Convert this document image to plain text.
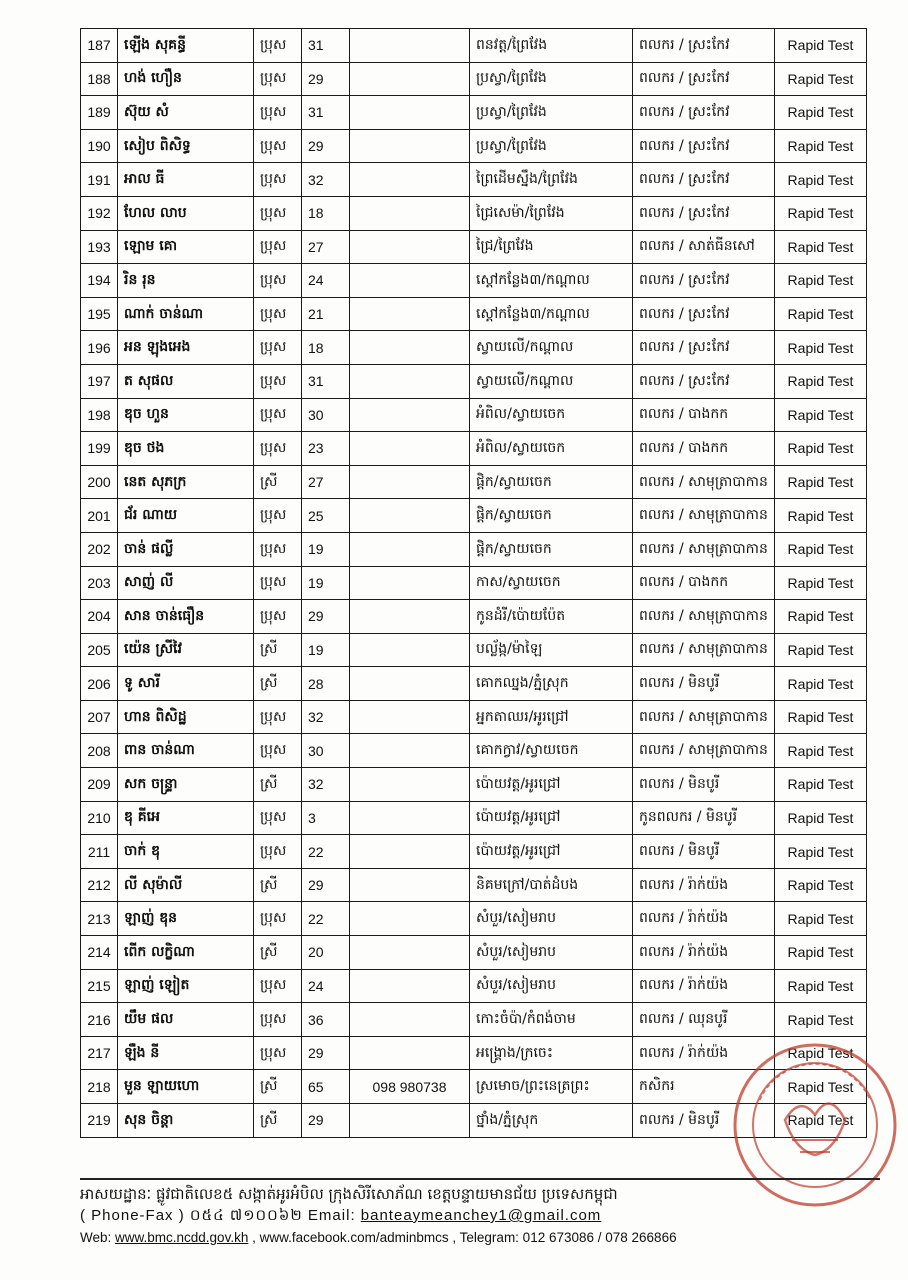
187	ឡើង សុគន្ធី	ប្រុស	31		ពនវត្ត/ព្រៃវែង	ពលករ / ស្រះកែវ	Rapid Test
188	ហង់ ហឿន	ប្រុស	29		ប្រស្វា/ព្រៃវែង	ពលករ / ស្រះកែវ	Rapid Test
189	ស៊ុយ សំ	ប្រុស	31		ប្រស្វា/ព្រៃវែង	ពលករ / ស្រះកែវ	Rapid Test
190	សៀប ពិសិទ្ធ	ប្រុស	29		ប្រស្វា/ព្រៃវែង	ពលករ / ស្រះកែវ	Rapid Test
191	អាល ធី	ប្រុស	32		ព្រៃដើមស្នឹង/ព្រៃវែង	ពលករ / ស្រះកែវ	Rapid Test
192	ហែល លាប	ប្រុស	18		ជ្រៃសេម៉ា/ព្រៃវែង	ពលករ / ស្រះកែវ	Rapid Test
193	ឡោម គោ	ប្រុស	27		ជ្រៃ/ព្រៃវែង	ពលករ / សាត់ធីនសៅ	Rapid Test
194	រិន រុន	ប្រុស	24		ស្តៅកន្លែង៣/កណ្តាល	ពលករ / ស្រះកែវ	Rapid Test
195	ណាក់ ចាន់ណា	ប្រុស	21		ស្តៅកន្លែង៣/កណ្តាល	ពលករ / ស្រះកែវ	Rapid Test
196	អន ឡុងអេង	ប្រុស	18		ស្វាយលើ/កណ្តាល	ពលករ / ស្រះកែវ	Rapid Test
197	ត សុផល	ប្រុស	31		ស្វាយលើ/កណ្តាល	ពលករ / ស្រះកែវ	Rapid Test
198	ឌុច ហួន	ប្រុស	30		អំពិល/ស្វាយចេក	ពលករ / បាងកក	Rapid Test
199	ឌុច ថង	ប្រុស	23		អំពិល/ស្វាយចេក	ពលករ / បាងកក	Rapid Test
200	នេត សុភក្រ	ស្រី	27		ផ្តិក/ស្វាយចេក	ពលករ / សាមុត្រាបាកាន	Rapid Test
201	ជ័រ ណាយ	ប្រុស	25		ផ្តិក/ស្វាយចេក	ពលករ / សាមុត្រាបាកាន	Rapid Test
202	ចាន់ ផល្លី	ប្រុស	19		ផ្តិក/ស្វាយចេក	ពលករ / សាមុត្រាបាកាន	Rapid Test
203	សាញ់ លី	ប្រុស	19		កាស/ស្វាយចេក	ពលករ / បាងកក	Rapid Test
204	សាន ចាន់ធឿន	ប្រុស	29		កូនដំរី/ប៉ោយប៉ែត	ពលករ / សាមុត្រាបាកាន	Rapid Test
205	យ៉េន ស្រីវៃ	ស្រី	19		បល្ល័ង្ក/ម៉ាឡៃ	ពលករ / សាមុត្រាបាកាន	Rapid Test
206	ទូ សារី	ស្រី	28		គោកឈ្នង/ភ្នំស្រុក	ពលករ / មិនបូរី	Rapid Test
207	ហាន ពិសិដ្ឋ	ប្រុស	32		អ្នកតាឈរ/អូរជ្រៅ	ពលករ / សាមុត្រាបាកាន	Rapid Test
208	ពាន ចាន់ណា	ប្រុស	30		គោកក្វាវ/ស្វាយចេក	ពលករ / សាមុត្រាបាកាន	Rapid Test
209	សក ចន្ទ្រា	ស្រី	32		ប៉ោយវត្ត/អូរជ្រៅ	ពលករ / មិនបូរី	Rapid Test
210	ឌុ គីអេ	ប្រុស	3		ប៉ោយវត្ត/អូរជ្រៅ	កូនពលករ / មិនបូរី	Rapid Test
211	ចាក់ ឌុ	ប្រុស	22		ប៉ោយវត្ត/អូរជ្រៅ	ពលករ / មិនបូរី	Rapid Test
212	លី សុម៉ាលី	ស្រី	29		និគមក្រៅ/បាត់ដំបង	ពលករ / រ៉ាក់យ៉ង	Rapid Test
213	ឡាញ់ ឌុន	ប្រុស	22		សំបួរ/សៀមរាប	ពលករ / រ៉ាក់យ៉ង	Rapid Test
214	ពើក លក្ខិណា	ស្រី	20		សំបួរ/សៀមរាប	ពលករ / រ៉ាក់យ៉ង	Rapid Test
215	ឡាញ់ ឡៀត	ប្រុស	24		សំបួរ/សៀមរាប	ពលករ / រ៉ាក់យ៉ង	Rapid Test
216	យឹម ផល	ប្រុស	36		កោះចំប៉ា/កំពង់ចាម	ពលករ / ឈុនបូរី	Rapid Test
217	ឡឺង នី	ប្រុស	29		អង្គ្រោង/ក្រចេះ	ពលករ / រ៉ាក់យ៉ង	Rapid Test
218	មួន ឡាយហោ	ស្រី	65	098 980738	ស្រមោច/ព្រះនេត្រព្រះ	កសិករ	Rapid Test
219	សុន ចិន្តា	ស្រី	29		ថ្នាំង/ភ្នំស្រុក	ពលករ / មិនបូរី	Rapid Test
អាសយដ្ឋានៈ ផ្លូវជាតិលេខ៥ សង្កាត់អូរអំបិល ក្រុងសិរីសោភ័ណ ខេត្តបន្ទាយមានជ័យ ប្រទេសកម្ពុជា
( Phone-Fax ) ០៥៤ ៧១០០៦២ Email: banteaymeanchey1@gmail.com
Web: www.bmc.ncdd.gov.kh , www.facebook.com/adminbmcs , Telegram: 012 673086 / 078 266866
